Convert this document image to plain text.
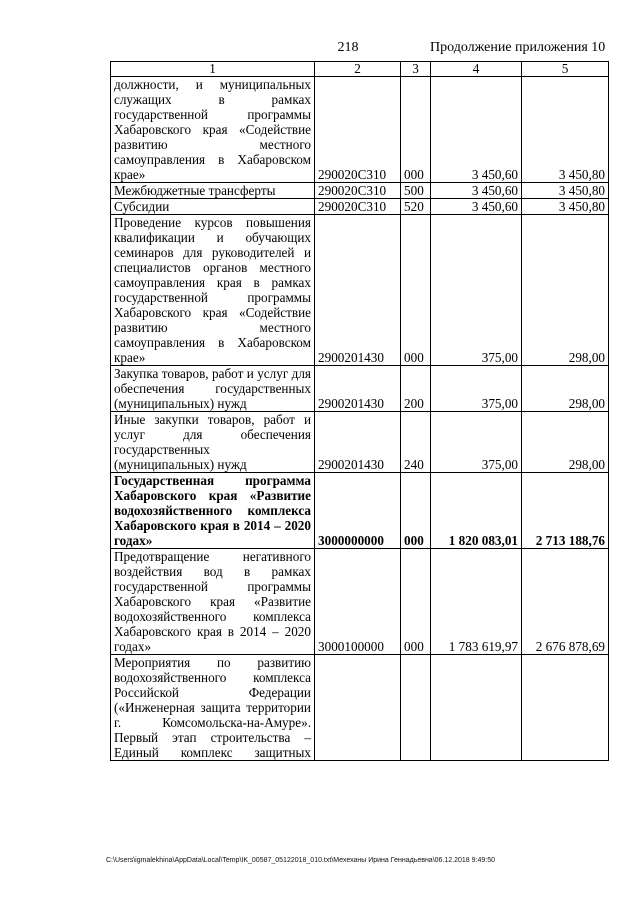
218	Продолжение приложения 10
1	2	3	4	5
должности, и муниципальных служащих в рамках государственной программы Хабаровского края «Содействие развитию местного самоуправления в Хабаровском крае»	290020С310	000	3 450,60	3 450,80
Межбюджетные трансферты	290020С310	500	3 450,60	3 450,80
Субсидии	290020С310	520	3 450,60	3 450,80
Проведение курсов повышения квалификации и обучающих семинаров для руководителей и специалистов органов местного самоуправления края в рамках государственной программы Хабаровского края «Содействие развитию местного самоуправления в Хабаровском крае»	2900201430	000	375,00	298,00
Закупка товаров, работ и услуг для обеспечения государственных (муниципальных) нужд	2900201430	200	375,00	298,00
Иные закупки товаров, работ и услуг для обеспечения государственных (муниципальных) нужд	2900201430	240	375,00	298,00
Государственная программа Хабаровского края «Развитие водохозяйственного комплекса Хабаровского края в 2014 – 2020 годах»	3000000000	000	1 820 083,01	2 713 188,76
Предотвращение негативного воздействия вод в рамках государственной программы Хабаровского края «Развитие водохозяйственного комплекса Хабаровского края в 2014 – 2020 годах»	3000100000	000	1 783 619,97	2 676 878,69
Мероприятия по развитию водохозяйственного комплекса Российской Федерации («Инженерная защита территории г. Комсомольска-на-Амуре». Первый этап строительства – Единый комплекс защитных				
C:\Users\igmalekhina\AppData\Local\Temp\IK_00587_05122018_010.txt\Мехеханы Ирина Геннадьевна\06.12.2018 9:49:50
